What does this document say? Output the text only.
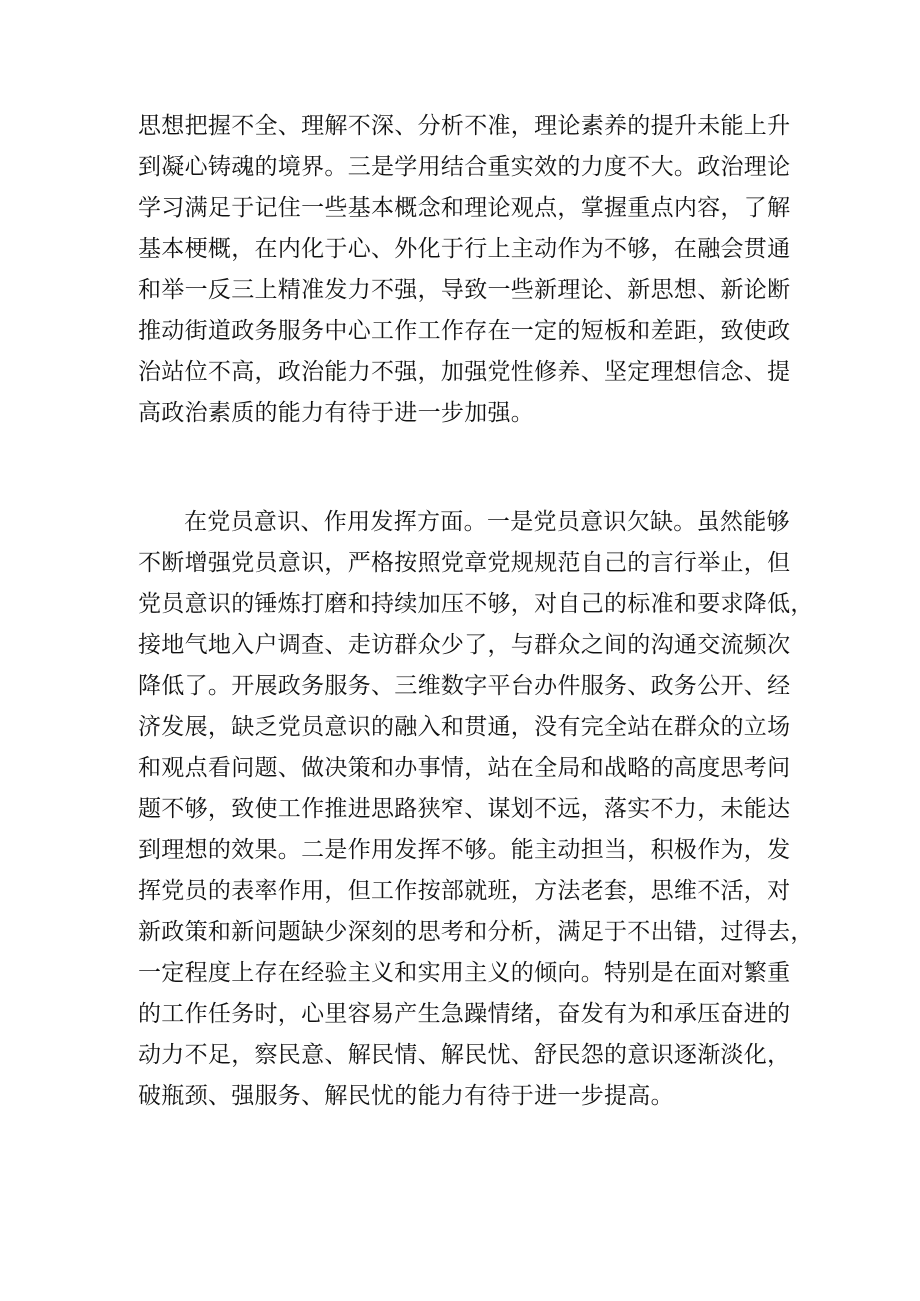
思想把握不全、理解不深、分析不准，理论素养的提升未能上升
到凝心铸魂的境界。三是学用结合重实效的力度不大。政治理论
学习满足于记住一些基本概念和理论观点，掌握重点内容，了解
基本梗概，在内化于心、外化于行上主动作为不够，在融会贯通
和举一反三上精准发力不强，导致一些新理论、新思想、新论断
推动街道政务服务中心工作工作存在一定的短板和差距，致使政
治站位不高，政治能力不强，加强党性修养、坚定理想信念、提
高政治素质的能力有待于进一步加强。
在党员意识、作用发挥方面。一是党员意识欠缺。虽然能够
不断增强党员意识，严格按照党章党规规范自己的言行举止，但
党员意识的锤炼打磨和持续加压不够，对自己的标准和要求降低，
接地气地入户调查、走访群众少了，与群众之间的沟通交流频次
降低了。开展政务服务、三维数字平台办件服务、政务公开、经
济发展，缺乏党员意识的融入和贯通，没有完全站在群众的立场
和观点看问题、做决策和办事情，站在全局和战略的高度思考问
题不够，致使工作推进思路狭窄、谋划不远，落实不力，未能达
到理想的效果。二是作用发挥不够。能主动担当，积极作为，发
挥党员的表率作用，但工作按部就班，方法老套，思维不活，对
新政策和新问题缺少深刻的思考和分析，满足于不出错，过得去，
一定程度上存在经验主义和实用主义的倾向。特别是在面对繁重
的工作任务时，心里容易产生急躁情绪，奋发有为和承压奋进的
动力不足，察民意、解民情、解民忧、舒民怨的意识逐渐淡化，
破瓶颈、强服务、解民忧的能力有待于进一步提高。
